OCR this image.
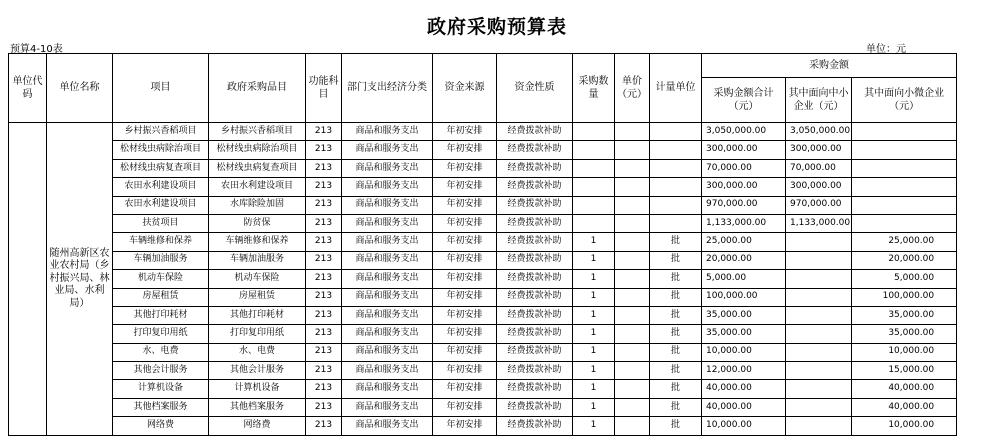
政府采购预算表
预算4-10表	单位：元
单位代码	单位名称	项目	政府采购品目	功能科目	部门支出经济分类	资金来源	资金性质	采购数量	单价（元）	计量单位	采购金额		
											采购金额合计（元）	其中面向中小企业（元）	其中面向小微企业（元）
	随州高新区农业农村局（乡村振兴局、林业局、水利局）	乡村振兴香稻项目	乡村振兴香稻项目	213	商品和服务支出	年初安排	经费拨款补助				3,050,000.00	3,050,000.00	
		松材线虫病除治项目	松材线虫病除治项目	213	商品和服务支出	年初安排	经费拨款补助				300,000.00	300,000.00	
		松材线虫病复查项目	松材线虫病复查项目	213	商品和服务支出	年初安排	经费拨款补助				70,000.00	70,000.00	
		农田水利建设项目	农田水利建设项目	213	商品和服务支出	年初安排	经费拨款补助				300,000.00	300,000.00	
		农田水利建设项目	水库除险加固	213	商品和服务支出	年初安排	经费拨款补助				970,000.00	970,000.00	
		扶贫项目	防贫保	213	商品和服务支出	年初安排	经费拨款补助				1,133,000.00	1,133,000.00	
		车辆维修和保养	车辆维修和保养	213	商品和服务支出	年初安排	经费拨款补助	1		批	25,000.00		25,000.00
		车辆加油服务	车辆加油服务	213	商品和服务支出	年初安排	经费拨款补助	1		批	20,000.00		20,000.00
		机动车保险	机动车保险	213	商品和服务支出	年初安排	经费拨款补助	1		批	5,000.00		5,000.00
		房屋租赁	房屋租赁	213	商品和服务支出	年初安排	经费拨款补助	1		批	100,000.00		100,000.00
		其他打印耗材	其他打印耗材	213	商品和服务支出	年初安排	经费拨款补助	1		批	35,000.00		35,000.00
		打印复印用纸	打印复印用纸	213	商品和服务支出	年初安排	经费拨款补助	1		批	35,000.00		35,000.00
		水、电费	水、电费	213	商品和服务支出	年初安排	经费拨款补助	1		批	10,000.00		10,000.00
		其他会计服务	其他会计服务	213	商品和服务支出	年初安排	经费拨款补助	1		批	12,000.00		15,000.00
		计算机设备	计算机设备	213	商品和服务支出	年初安排	经费拨款补助	1		批	40,000.00		40,000.00
		其他档案服务	其他档案服务	213	商品和服务支出	年初安排	经费拨款补助	1		批	40,000.00		40,000.00
		网络费	网络费	213	商品和服务支出	年初安排	经费拨款补助	1		批	10,000.00		10,000.00
